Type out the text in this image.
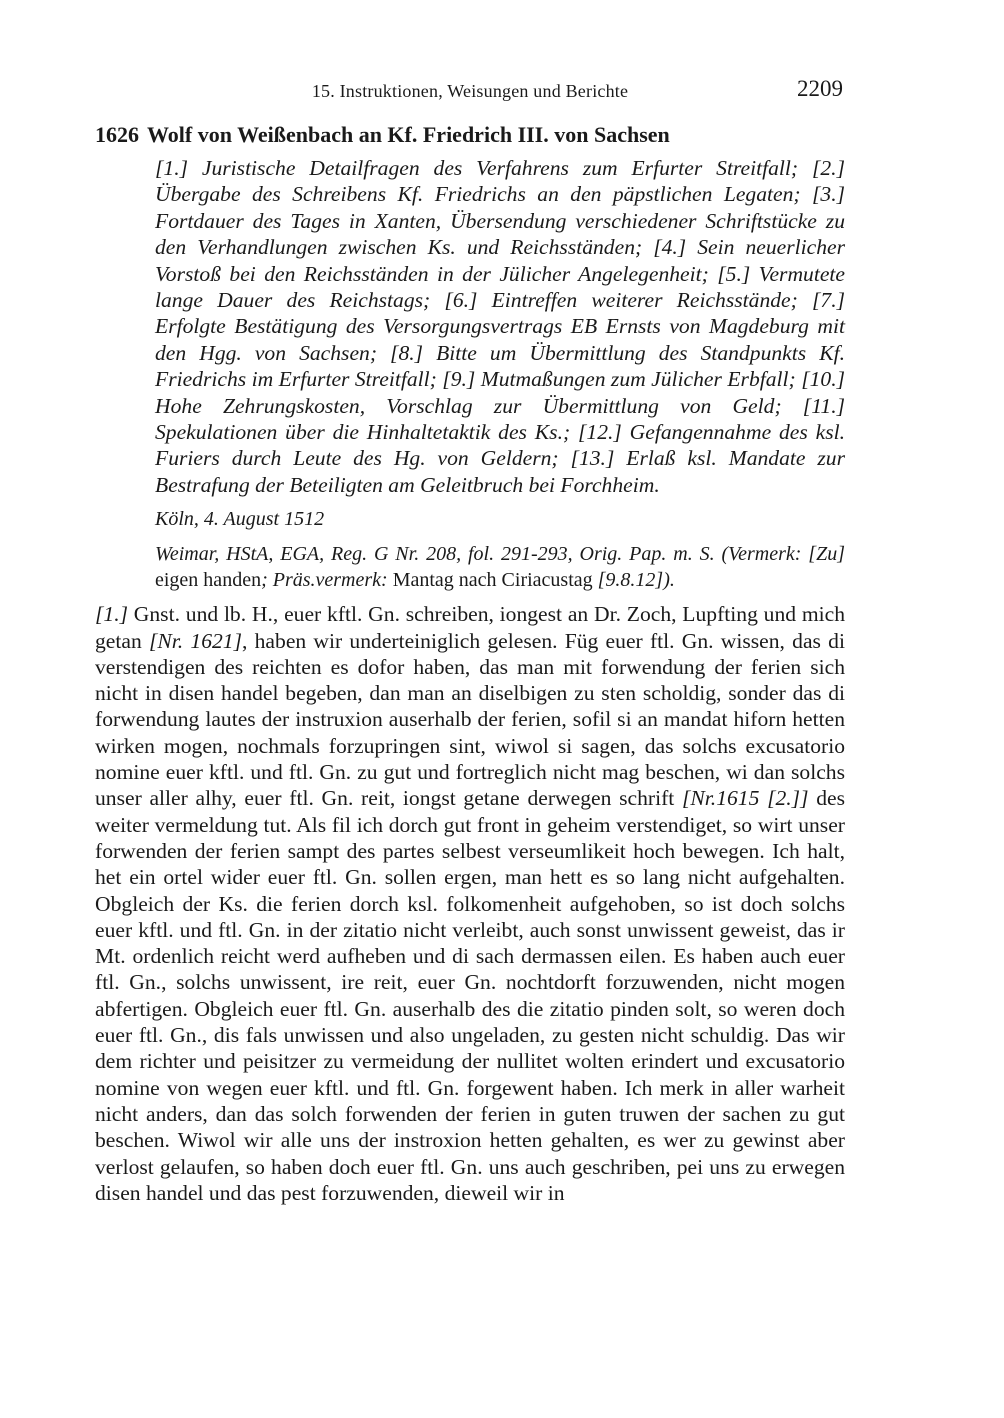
15. Instruktionen, Weisungen und Berichte	2209
1626 Wolf von Weißenbach an Kf. Friedrich III. von Sachsen
[1.] Juristische Detailfragen des Verfahrens zum Erfurter Streitfall; [2.] Übergabe des Schreibens Kf. Friedrichs an den päpstlichen Legaten; [3.] Fortdauer des Tages in Xanten, Übersendung verschiedener Schriftstücke zu den Verhandlungen zwischen Ks. und Reichsständen; [4.] Sein neuerlicher Vorstoß bei den Reichsständen in der Jülicher Angelegenheit; [5.] Vermutete lange Dauer des Reichstags; [6.] Eintreffen weiterer Reichsstände; [7.] Erfolgte Bestätigung des Versorgungsvertrags EB Ernsts von Magdeburg mit den Hgg. von Sachsen; [8.] Bitte um Übermittlung des Standpunkts Kf. Friedrichs im Erfurter Streitfall; [9.] Mutmaßungen zum Jülicher Erbfall; [10.] Hohe Zehrungskosten, Vorschlag zur Übermittlung von Geld; [11.] Spekulationen über die Hinhaltetaktik des Ks.; [12.] Gefangennahme des ksl. Furiers durch Leute des Hg. von Geldern; [13.] Erlaß ksl. Mandate zur Bestrafung der Beteiligten am Geleitbruch bei Forchheim.
Köln, 4. August 1512
Weimar, HStA, EGA, Reg. G Nr. 208, fol. 291-293, Orig. Pap. m. S. (Vermerk: [Zu] eigen handen; Präs.vermerk: Mantag nach Ciriacustag [9.8.12]).
[1.] Gnst. und lb. H., euer kftl. Gn. schreiben, iongest an Dr. Zoch, Lupfting und mich getan [Nr. 1621], haben wir underteiniglich gelesen. Füg euer ftl. Gn. wissen, das di verstendigen des reichten es dofor haben, das man mit forwendung der ferien sich nicht in disen handel begeben, dan man an diselbigen zu sten scholdig, sonder das di forwendung lautes der instruxion auserhalb der ferien, sofil si an mandat hiforn hetten wirken mogen, nochmals forzupringen sint, wiwol si sagen, das solchs excusatorio nomine euer kftl. und ftl. Gn. zu gut und fortreglich nicht mag beschen, wi dan solchs unser aller alhy, euer ftl. Gn. reit, iongst getane derwegen schrift [Nr.1615 [2.]] des weiter vermeldung tut. Als fil ich dorch gut front in geheim verstendiget, so wirt unser forwenden der ferien sampt des partes selbest verseumlikeit hoch bewegen. Ich halt, het ein ortel wider euer ftl. Gn. sollen ergen, man hett es so lang nicht aufgehalten. Obgleich der Ks. die ferien dorch ksl. folkomenheit aufgehoben, so ist doch solchs euer kftl. und ftl. Gn. in der zitatio nicht verleibt, auch sonst unwissent geweist, das ir Mt. ordenlich reicht werd aufheben und di sach dermassen eilen. Es haben auch euer ftl. Gn., solchs unwissent, ire reit, euer Gn. nochtdorft forzuwenden, nicht mogen abfertigen. Obgleich euer ftl. Gn. auserhalb des die zitatio pinden solt, so weren doch euer ftl. Gn., dis fals unwissen und also ungeladen, zu gesten nicht schuldig. Das wir dem richter und peisitzer zu vermeidung der nullitet wolten erindert und excusatorio nomine von wegen euer kftl. und ftl. Gn. forgewent haben. Ich merk in aller warheit nicht anders, dan das solch forwenden der ferien in guten truwen der sachen zu gut beschen. Wiwol wir alle uns der instroxion hetten gehalten, es wer zu gewinst aber verlost gelaufen, so haben doch euer ftl. Gn. uns auch geschriben, pei uns zu erwegen disen handel und das pest forzuwenden, dieweil wir in
